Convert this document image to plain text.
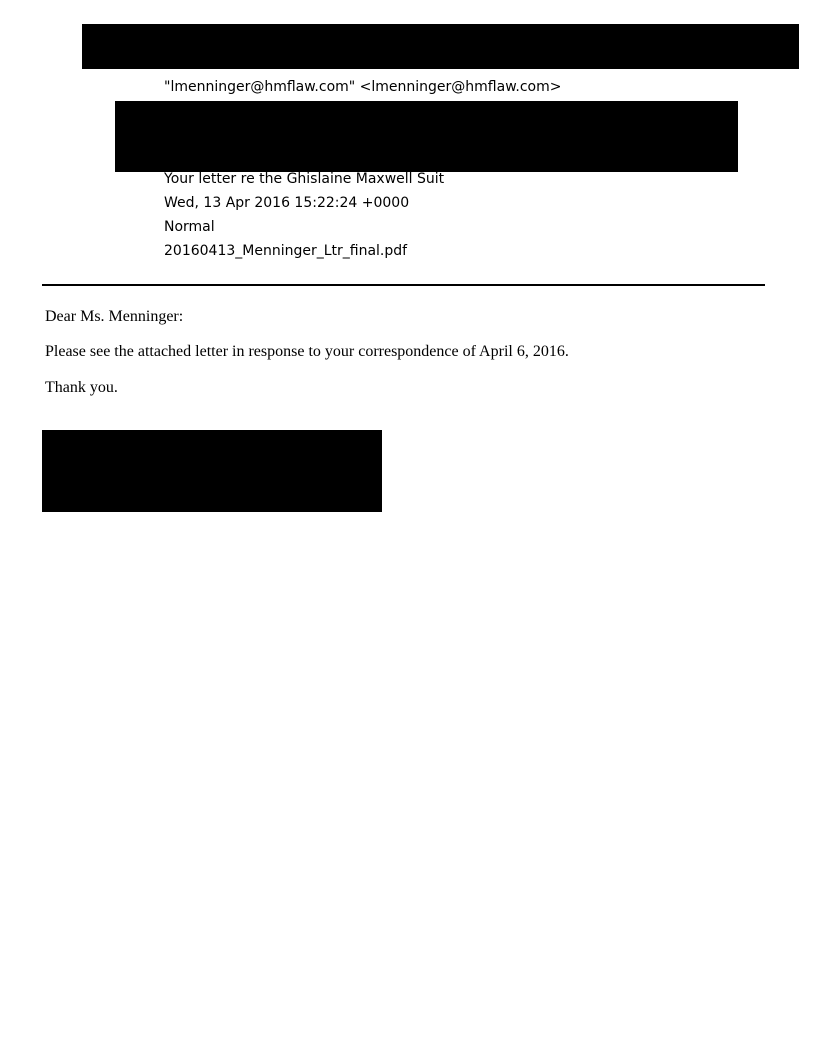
"lmenninger@hmflaw.com" <lmenninger@hmflaw.com>
Your letter re the Ghislaine Maxwell Suit
Wed, 13 Apr 2016 15:22:24 +0000
Normal
20160413_Menninger_Ltr_final.pdf
Dear Ms. Menninger:
Please see the attached letter in response to your correspondence of April 6, 2016.
Thank you.
